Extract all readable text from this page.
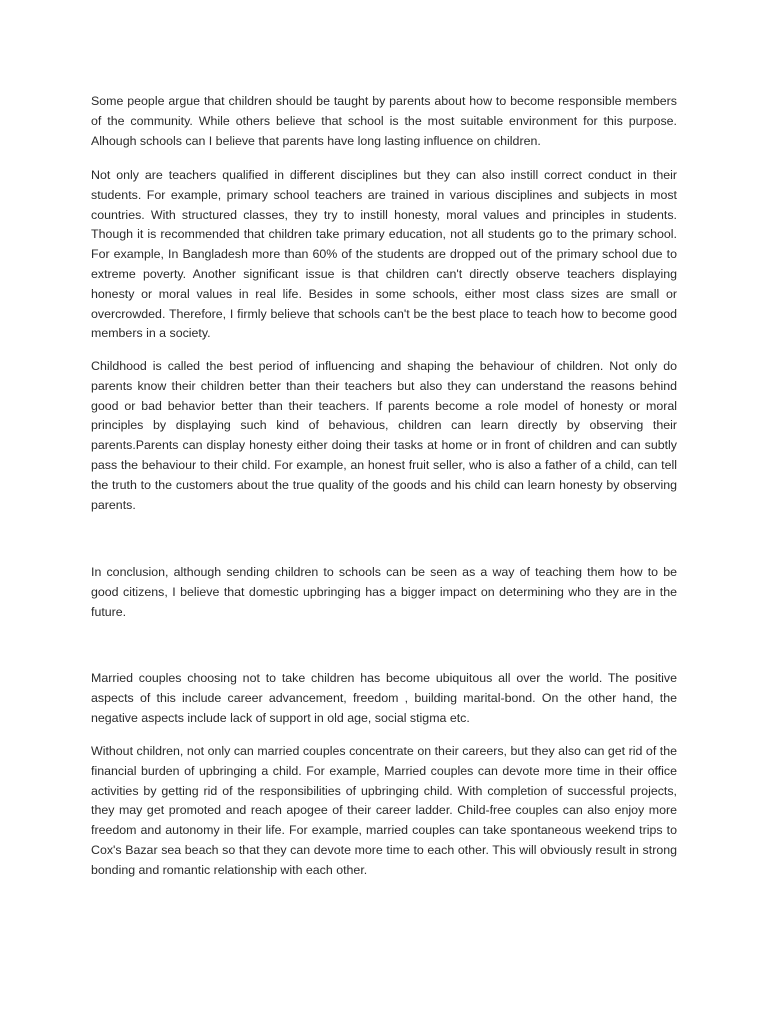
Some people argue that children should be taught by parents about how to become responsible members of the community. While others believe that school is the most suitable environment for this purpose. Alhough schools can I believe that parents have long lasting influence on children.

Not only are teachers qualified in different disciplines but they can also instill correct conduct in their students. For example, primary school teachers are trained in various disciplines and subjects in most countries. With structured classes, they try to instill honesty, moral values and principles in students. Though it is recommended that children take primary education, not all students go to the primary school. For example, In Bangladesh more than 60% of the students are dropped out of the primary school due to extreme poverty. Another significant issue is that children can't directly observe teachers displaying honesty or moral values in real life. Besides in some schools, either most class sizes are small or overcrowded. Therefore, I firmly believe that schools can't be the best place to teach how to become good members in a society.

Childhood is called the best period of influencing and shaping the behaviour of children. Not only do parents know their children better than their teachers but also they can understand the reasons behind good or bad behavior better than their teachers. If parents become a role model of honesty or moral principles by displaying such kind of behavious, children can learn directly by observing their parents.Parents can display honesty either doing their tasks at home or in front of children and can subtly pass the behaviour to their child. For example, an honest fruit seller, who is also a father of a child, can tell the truth to the customers about the true quality of the goods and his child can learn honesty by observing parents.

In conclusion, although sending children to schools can be seen as a way of teaching them how to be good citizens, I believe that domestic upbringing has a bigger impact on determining who they are in the future.

Married couples choosing not to take children has become ubiquitous all over the world. The positive aspects of this include career advancement, freedom , building marital-bond. On the other hand, the negative aspects include lack of support in old age, social stigma etc.

Without children, not only can married couples concentrate on their careers, but they also can get rid of the financial burden of upbringing a child. For example, Married couples can devote more time in their office activities by getting rid of the responsibilities of upbringing child. With completion of successful projects, they may get promoted and reach apogee of their career ladder. Child-free couples can also enjoy more freedom and autonomy in their life. For example, married couples can take spontaneous weekend trips to Cox's Bazar sea beach so that they can devote more time to each other. This will obviously result in strong bonding and romantic relationship with each other.
